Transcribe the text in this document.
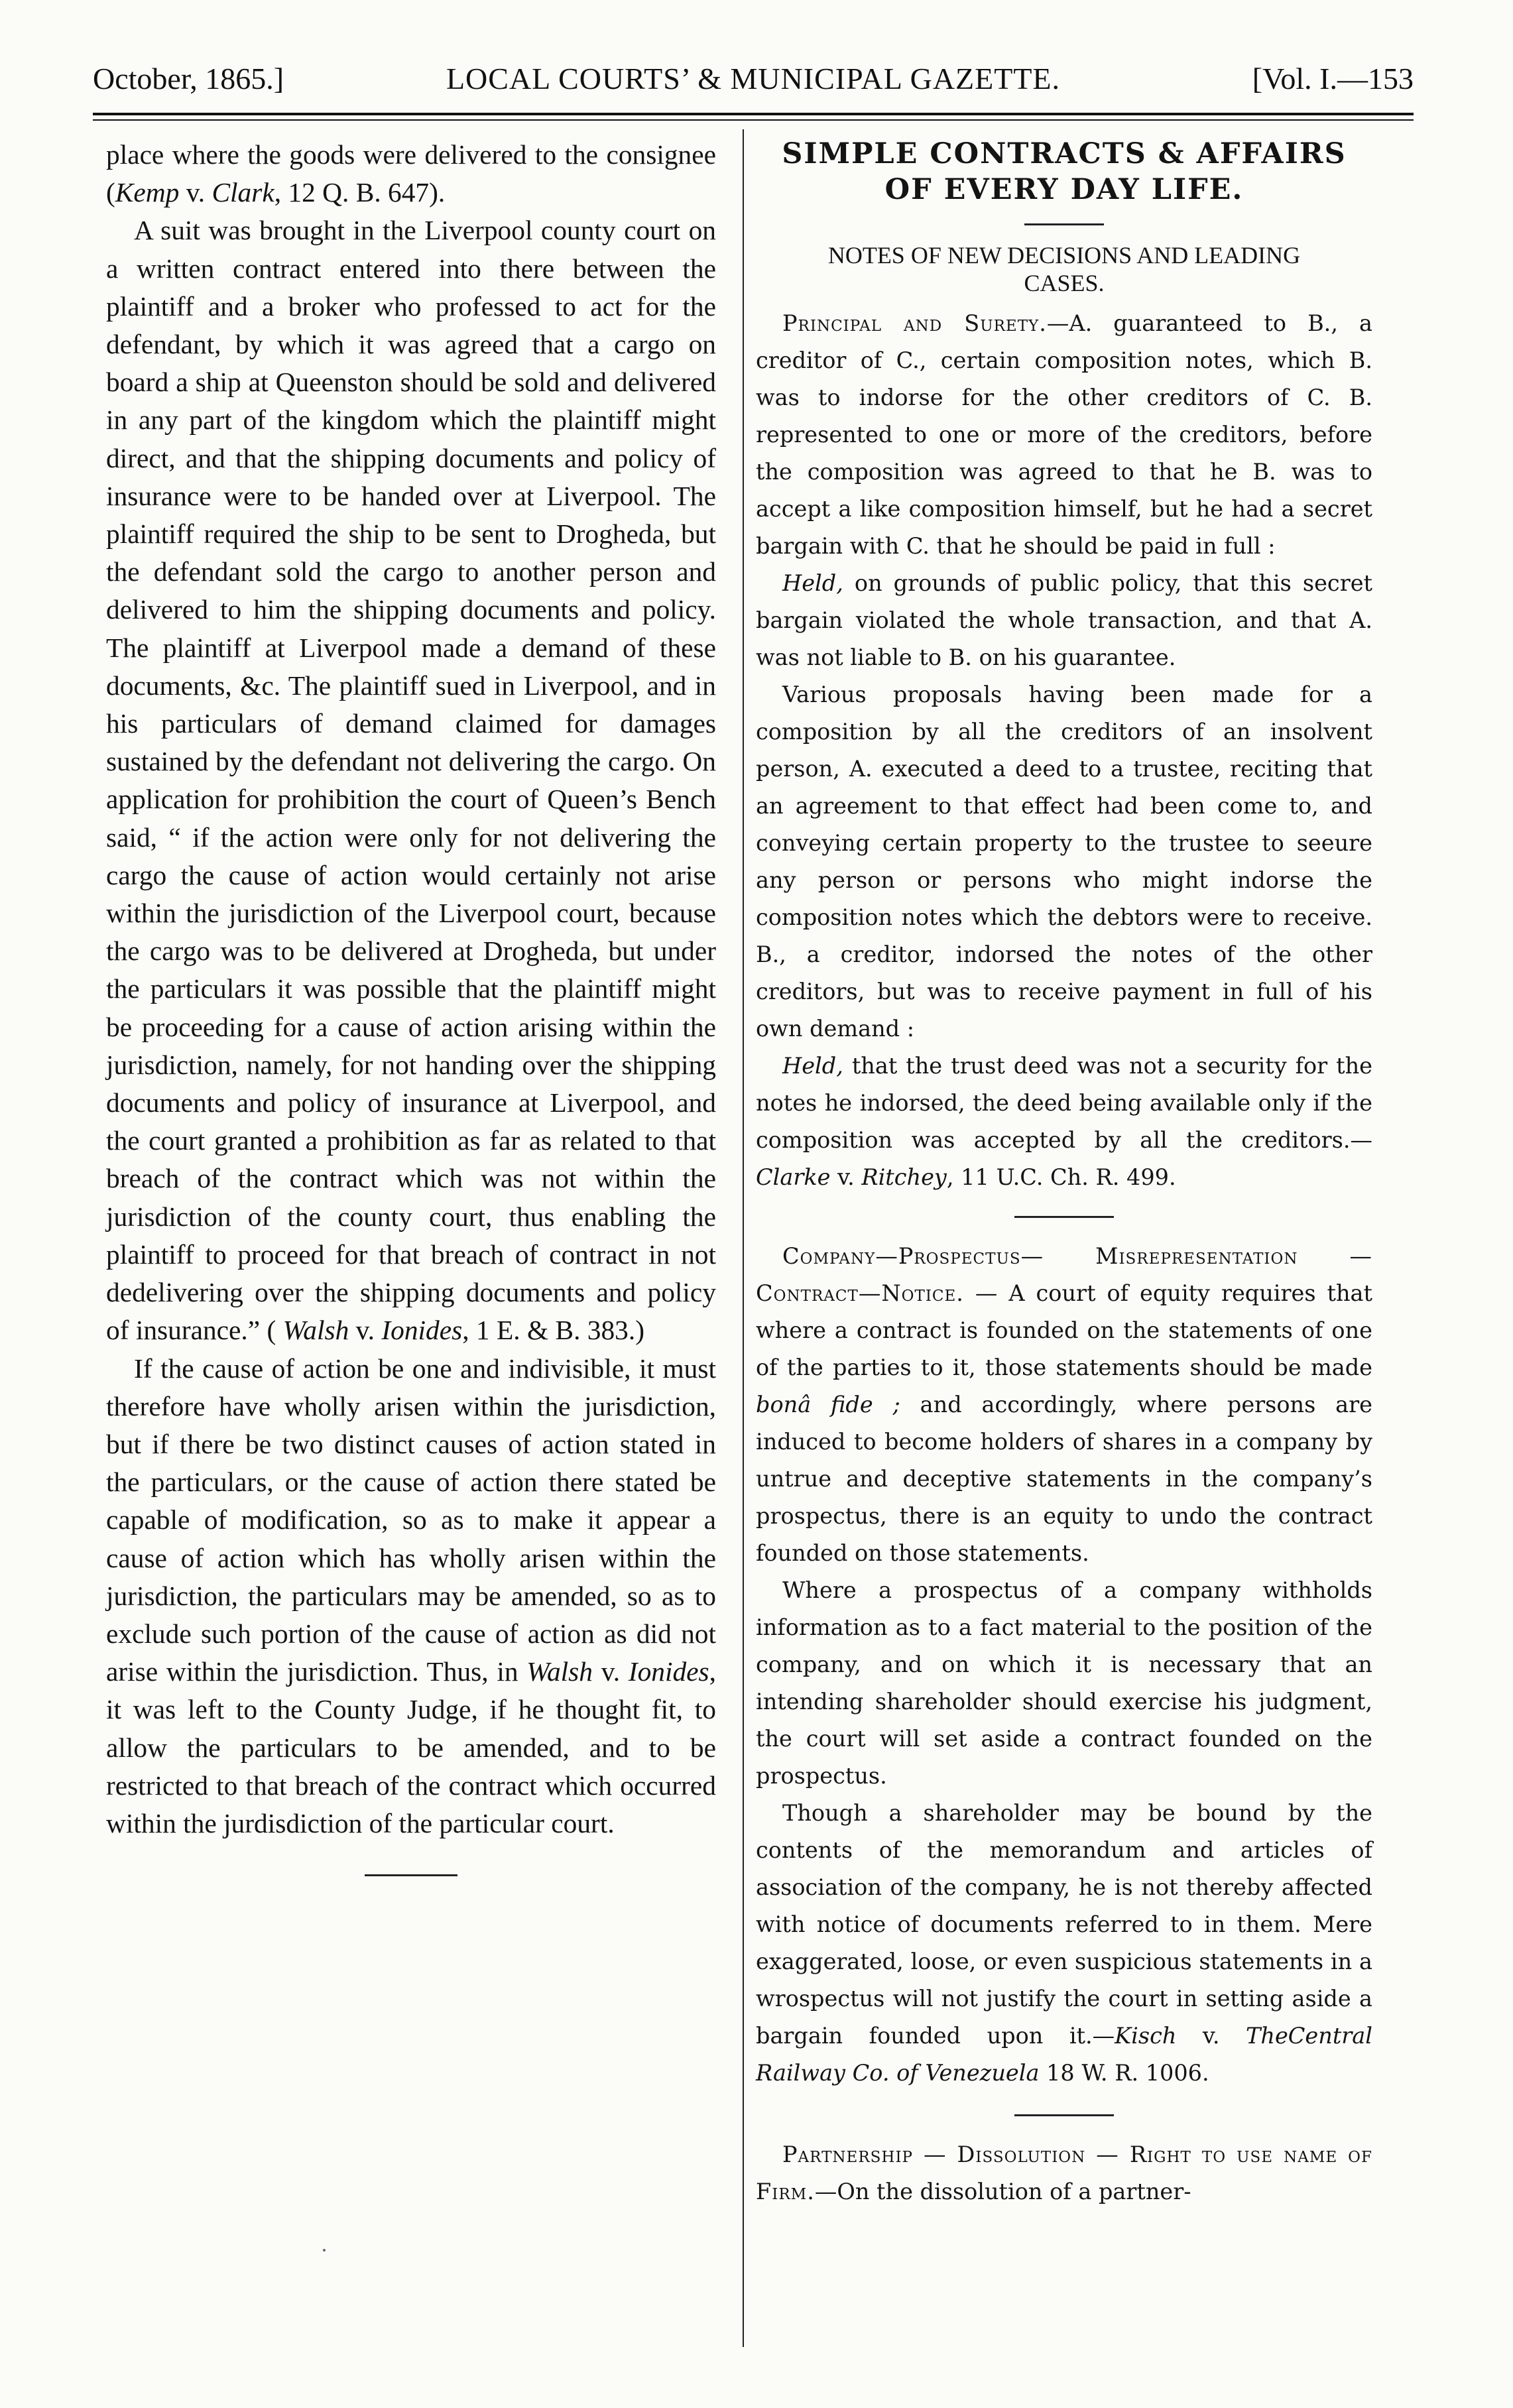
October, 1865.]	LOCAL COURTS’ & MUNICIPAL GAZETTE.	[Vol. I.—153

place where the goods were delivered to the consignee (Kemp v. Clark, 12 Q. B. 647).

A suit was brought in the Liverpool county court on a written contract entered into there between the plaintiff and a broker who professed to act for the defendant, by which it was agreed that a cargo on board a ship at Queenston should be sold and delivered in any part of the kingdom which the plaintiff might direct, and that the shipping documents and policy of insurance were to be handed over at Liverpool. The plaintiff required the ship to be sent to Drogheda, but the defendant sold the cargo to another person and delivered to him the shipping documents and policy. The plaintiff at Liverpool made a demand of these documents, &c. The plaintiff sued in Liverpool, and in his particulars of demand claimed for damages sustained by the defendant not delivering the cargo. On application for prohibition the court of Queen’s Bench said, “ if the action were only for not delivering the cargo the cause of action would certainly not arise within the jurisdiction of the Liverpool court, because the cargo was to be delivered at Drogheda, but under the particulars it was possible that the plaintiff might be proceeding for a cause of action arising within the jurisdiction, namely, for not handing over the shipping documents and policy of insurance at Liverpool, and the court granted a prohibition as far as related to that breach of the contract which was not within the jurisdiction of the county court, thus enabling the plaintiff to proceed for that breach of contract in not dedelivering over the shipping documents and policy of insurance.” ( Walsh v. Ionides, 1 E. & B. 383.)

If the cause of action be one and indivisible, it must therefore have wholly arisen within the jurisdiction, but if there be two distinct causes of action stated in the particulars, or the cause of action there stated be capable of modification, so as to make it appear a cause of action which has wholly arisen within the jurisdiction, the particulars may be amended, so as to exclude such portion of the cause of action as did not arise within the jurisdiction. Thus, in Walsh v. Ionides, it was left to the County Judge, if he thought fit, to allow the particulars to be amended, and to be restricted to that breach of the contract which occurred within the jurdisdiction of the particular court.

SIMPLE CONTRACTS & AFFAIRS
OF EVERY DAY LIFE.
NOTES OF NEW DECISIONS AND LEADING
CASES.

Principal and Surety.—A. guaranteed to B., a creditor of C., certain composition notes, which B. was to indorse for the other creditors of C. B. represented to one or more of the creditors, before the composition was agreed to that he B. was to accept a like composition himself, but he had a secret bargain with C. that he should be paid in full :

Held, on grounds of public policy, that this secret bargain violated the whole transaction, and that A. was not liable to B. on his guarantee.

Various proposals having been made for a composition by all the creditors of an insolvent person, A. executed a deed to a trustee, reciting that an agreement to that effect had been come to, and conveying certain property to the trustee to seeure any person or persons who might indorse the composition notes which the debtors were to receive. B., a creditor, indorsed the notes of the other creditors, but was to receive payment in full of his own demand :

Held, that the trust deed was not a security for the notes he indorsed, the deed being available only if the composition was accepted by all the creditors.—Clarke v. Ritchey, 11 U.C. Ch. R. 499.

Company—Prospectus— Misrepresentation —Contract—Notice. — A court of equity requires that where a contract is founded on the statements of one of the parties to it, those statements should be made bonâ fide ; and accordingly, where persons are induced to become holders of shares in a company by untrue and deceptive statements in the company’s prospectus, there is an equity to undo the contract founded on those statements.

Where a prospectus of a company withholds information as to a fact material to the position of the company, and on which it is necessary that an intending shareholder should exercise his judgment, the court will set aside a contract founded on the prospectus.

Though a shareholder may be bound by the contents of the memorandum and articles of association of the company, he is not thereby affected with notice of documents referred to in them. Mere exaggerated, loose, or even suspicious statements in a wrospectus will not justify the court in setting aside a bargain founded upon it.—Kisch v. TheCentral Railway Co. of Venezuela 18 W. R. 1006.

Partnership — Dissolution — Right to use name of Firm.—On the dissolution of a partner-
